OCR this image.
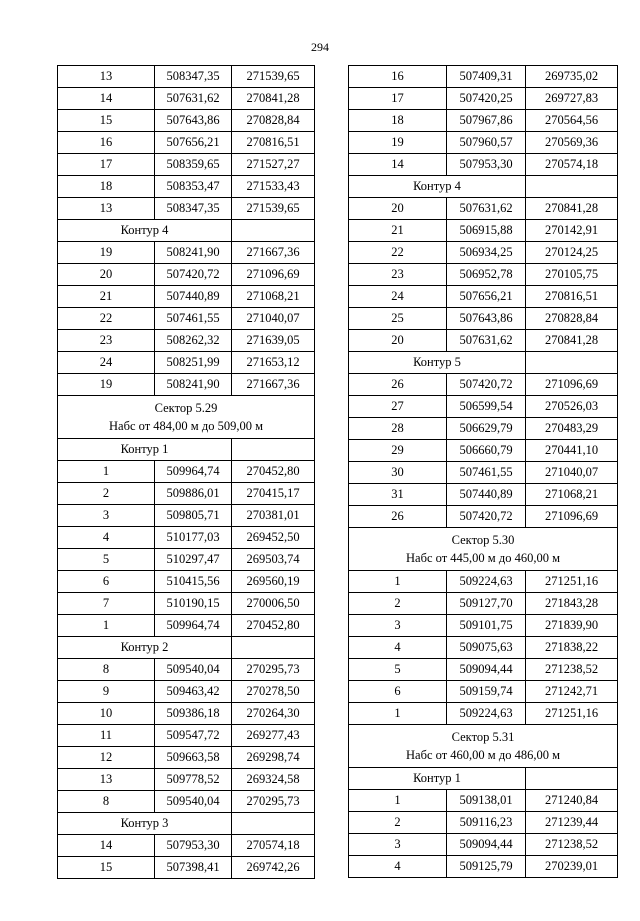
294
13	508347,35	271539,65
14	507631,62	270841,28
15	507643,86	270828,84
16	507656,21	270816,51
17	508359,65	271527,27
18	508353,47	271533,43
13	508347,35	271539,65
Контур 4		
19	508241,90	271667,36
20	507420,72	271096,69
21	507440,89	271068,21
22	507461,55	271040,07
23	508262,32	271639,05
24	508251,99	271653,12
19	508241,90	271667,36

Сектор 5.29
Набс от 484,00 м до 509,00 м		

Контур 1		
1	509964,74	270452,80
2	509886,01	270415,17
3	509805,71	270381,01
4	510177,03	269452,50
5	510297,47	269503,74
6	510415,56	269560,19
7	510190,15	270006,50
1	509964,74	270452,80
Контур 2		
8	509540,04	270295,73
9	509463,42	270278,50
10	509386,18	270264,30
11	509547,72	269277,43
12	509663,58	269298,74
13	509778,52	269324,58
8	509540,04	270295,73
Контур 3		
14	507953,30	270574,18
15	507398,41	269742,26
16	507409,31	269735,02
17	507420,25	269727,83
18	507967,86	270564,56
19	507960,57	270569,36
14	507953,30	270574,18
Контур 4		
20	507631,62	270841,28
21	506915,88	270142,91
22	506934,25	270124,25
23	506952,78	270105,75
24	507656,21	270816,51
25	507643,86	270828,84
20	507631,62	270841,28
Контур 5		
26	507420,72	271096,69
27	506599,54	270526,03
28	506629,79	270483,29
29	506660,79	270441,10
30	507461,55	271040,07
31	507440,89	271068,21
26	507420,72	271096,69

Сектор 5.30
Набс от 445,00 м до 460,00 м		

1	509224,63	271251,16
2	509127,70	271843,28
3	509101,75	271839,90
4	509075,63	271838,22
5	509094,44	271238,52
6	509159,74	271242,71
1	509224,63	271251,16

Сектор 5.31
Набс от 460,00 м до 486,00 м		

Контур 1		
1	509138,01	271240,84
2	509116,23	271239,44
3	509094,44	271238,52
4	509125,79	270239,01
